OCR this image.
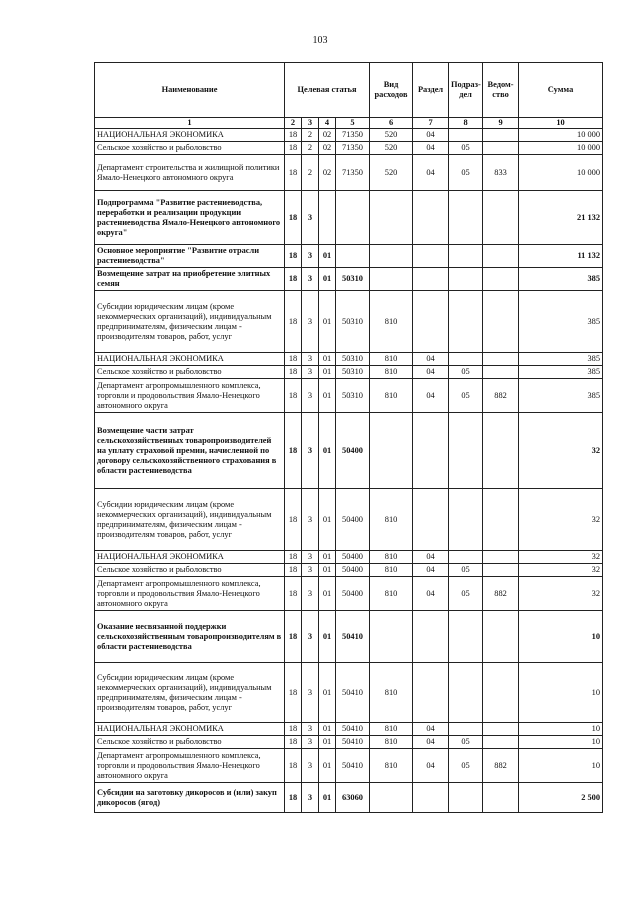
103
Наименование	Целевая статья				Вид расходов	Раздел	Подраз-дел	Ведом-ство	Сумма
1	2	3	4	5	6	7	8	9	10
НАЦИОНАЛЬНАЯ ЭКОНОМИКА	18	2	02	71350	520	04			10 000
Сельское хозяйство и рыболовство	18	2	02	71350	520	04	05		10 000
Департамент строительства и жилищной политики Ямало-Ненецкого автономного округа	18	2	02	71350	520	04	05	833	10 000
Подпрограмма "Развитие растениеводства, переработки и реализации продукции растениеводства Ямало-Ненецкого автономного округа"	18	3							21 132
Основное мероприятие "Развитие отрасли растениеводства"	18	3	01						11 132
Возмещение затрат на приобретение элитных семян	18	3	01	50310					385
Субсидии юридическим лицам (кроме некоммерческих организаций), индивидуальным предпринимателям, физическим лицам - производителям товаров, работ, услуг	18	3	01	50310	810				385
НАЦИОНАЛЬНАЯ ЭКОНОМИКА	18	3	01	50310	810	04			385
Сельское хозяйство и рыболовство	18	3	01	50310	810	04	05		385
Департамент агропромышленного комплекса, торговли и продовольствия Ямало-Ненецкого автономного округа	18	3	01	50310	810	04	05	882	385
Возмещение части затрат сельскохозяйственных товаропроизводителей на уплату страховой премии, начисленной по договору сельскохозяйственного страхования в области растениеводства	18	3	01	50400					32
Субсидии юридическим лицам (кроме некоммерческих организаций), индивидуальным предпринимателям, физическим лицам - производителям товаров, работ, услуг	18	3	01	50400	810				32
НАЦИОНАЛЬНАЯ ЭКОНОМИКА	18	3	01	50400	810	04			32
Сельское хозяйство и рыболовство	18	3	01	50400	810	04	05		32
Департамент агропромышленного комплекса, торговли и продовольствия Ямало-Ненецкого автономного округа	18	3	01	50400	810	04	05	882	32
Оказание несвязанной поддержки сельскохозяйственным товаропроизводителям в области растениеводства	18	3	01	50410					10
Субсидии юридическим лицам (кроме некоммерческих организаций), индивидуальным предпринимателям, физическим лицам - производителям товаров, работ, услуг	18	3	01	50410	810				10
НАЦИОНАЛЬНАЯ ЭКОНОМИКА	18	3	01	50410	810	04			10
Сельское хозяйство и рыболовство	18	3	01	50410	810	04	05		10
Департамент агропромышленного комплекса, торговли и продовольствия Ямало-Ненецкого автономного округа	18	3	01	50410	810	04	05	882	10
Субсидии на заготовку дикоросов и (или) закуп дикоросов (ягод)	18	3	01	63060					2 500
